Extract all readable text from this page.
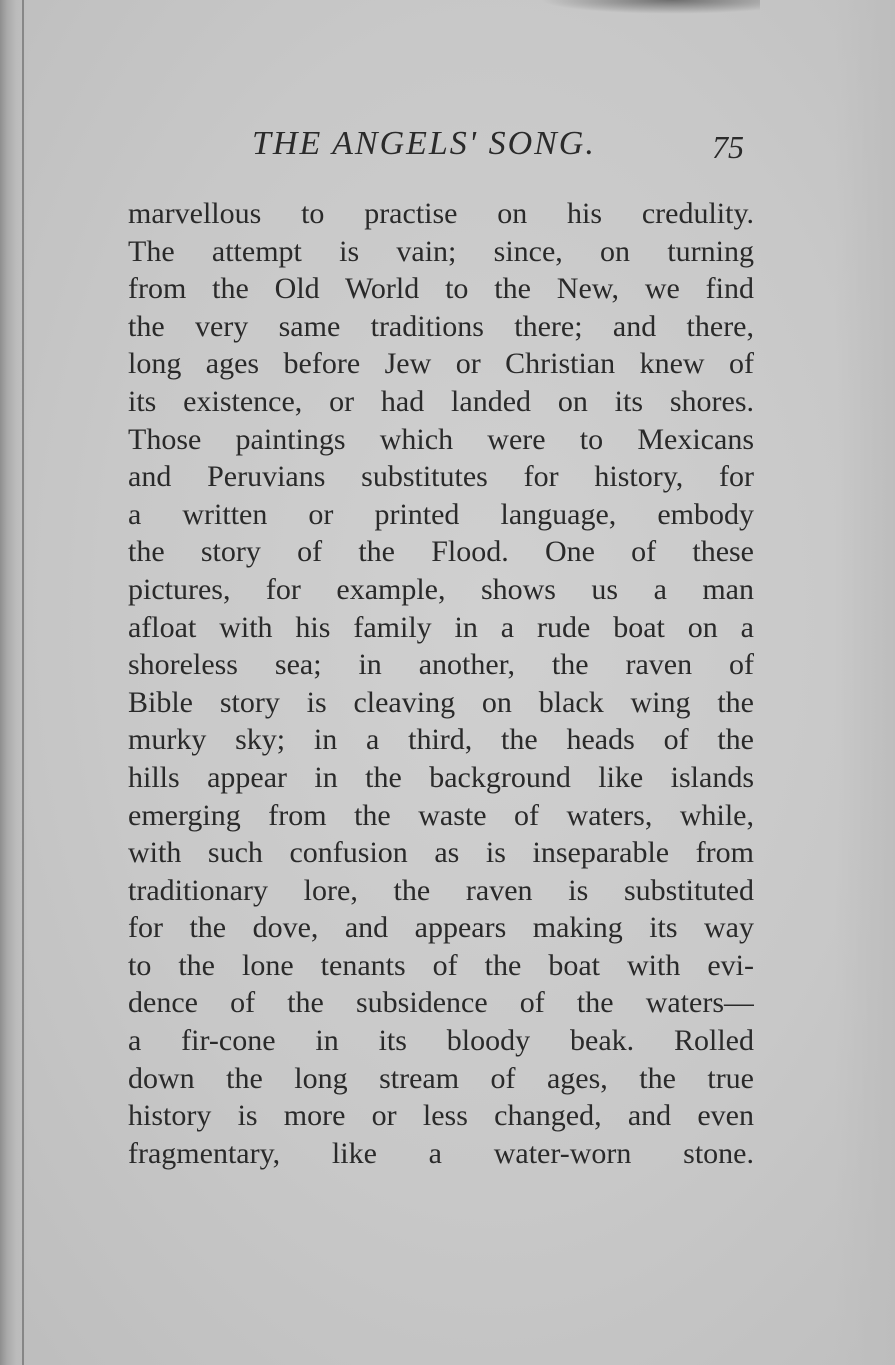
THE ANGELS' SONG.	75
marvellous to practise on his credulity.
The attempt is vain; since, on turning
from the Old World to the New, we find
the very same traditions there; and there,
long ages before Jew or Christian knew of
its existence, or had landed on its shores.
Those paintings which were to Mexicans
and Peruvians substitutes for history, for
a written or printed language, embody
the story of the Flood. One of these
pictures, for example, shows us a man
afloat with his family in a rude boat on a
shoreless sea; in another, the raven of
Bible story is cleaving on black wing the
murky sky; in a third, the heads of the
hills appear in the background like islands
emerging from the waste of waters, while,
with such confusion as is inseparable from
traditionary lore, the raven is substituted
for the dove, and appears making its way
to the lone tenants of the boat with evi-
dence of the subsidence of the waters—
a fir-cone in its bloody beak. Rolled
down the long stream of ages, the true
history is more or less changed, and even
fragmentary, like a water-worn stone.
